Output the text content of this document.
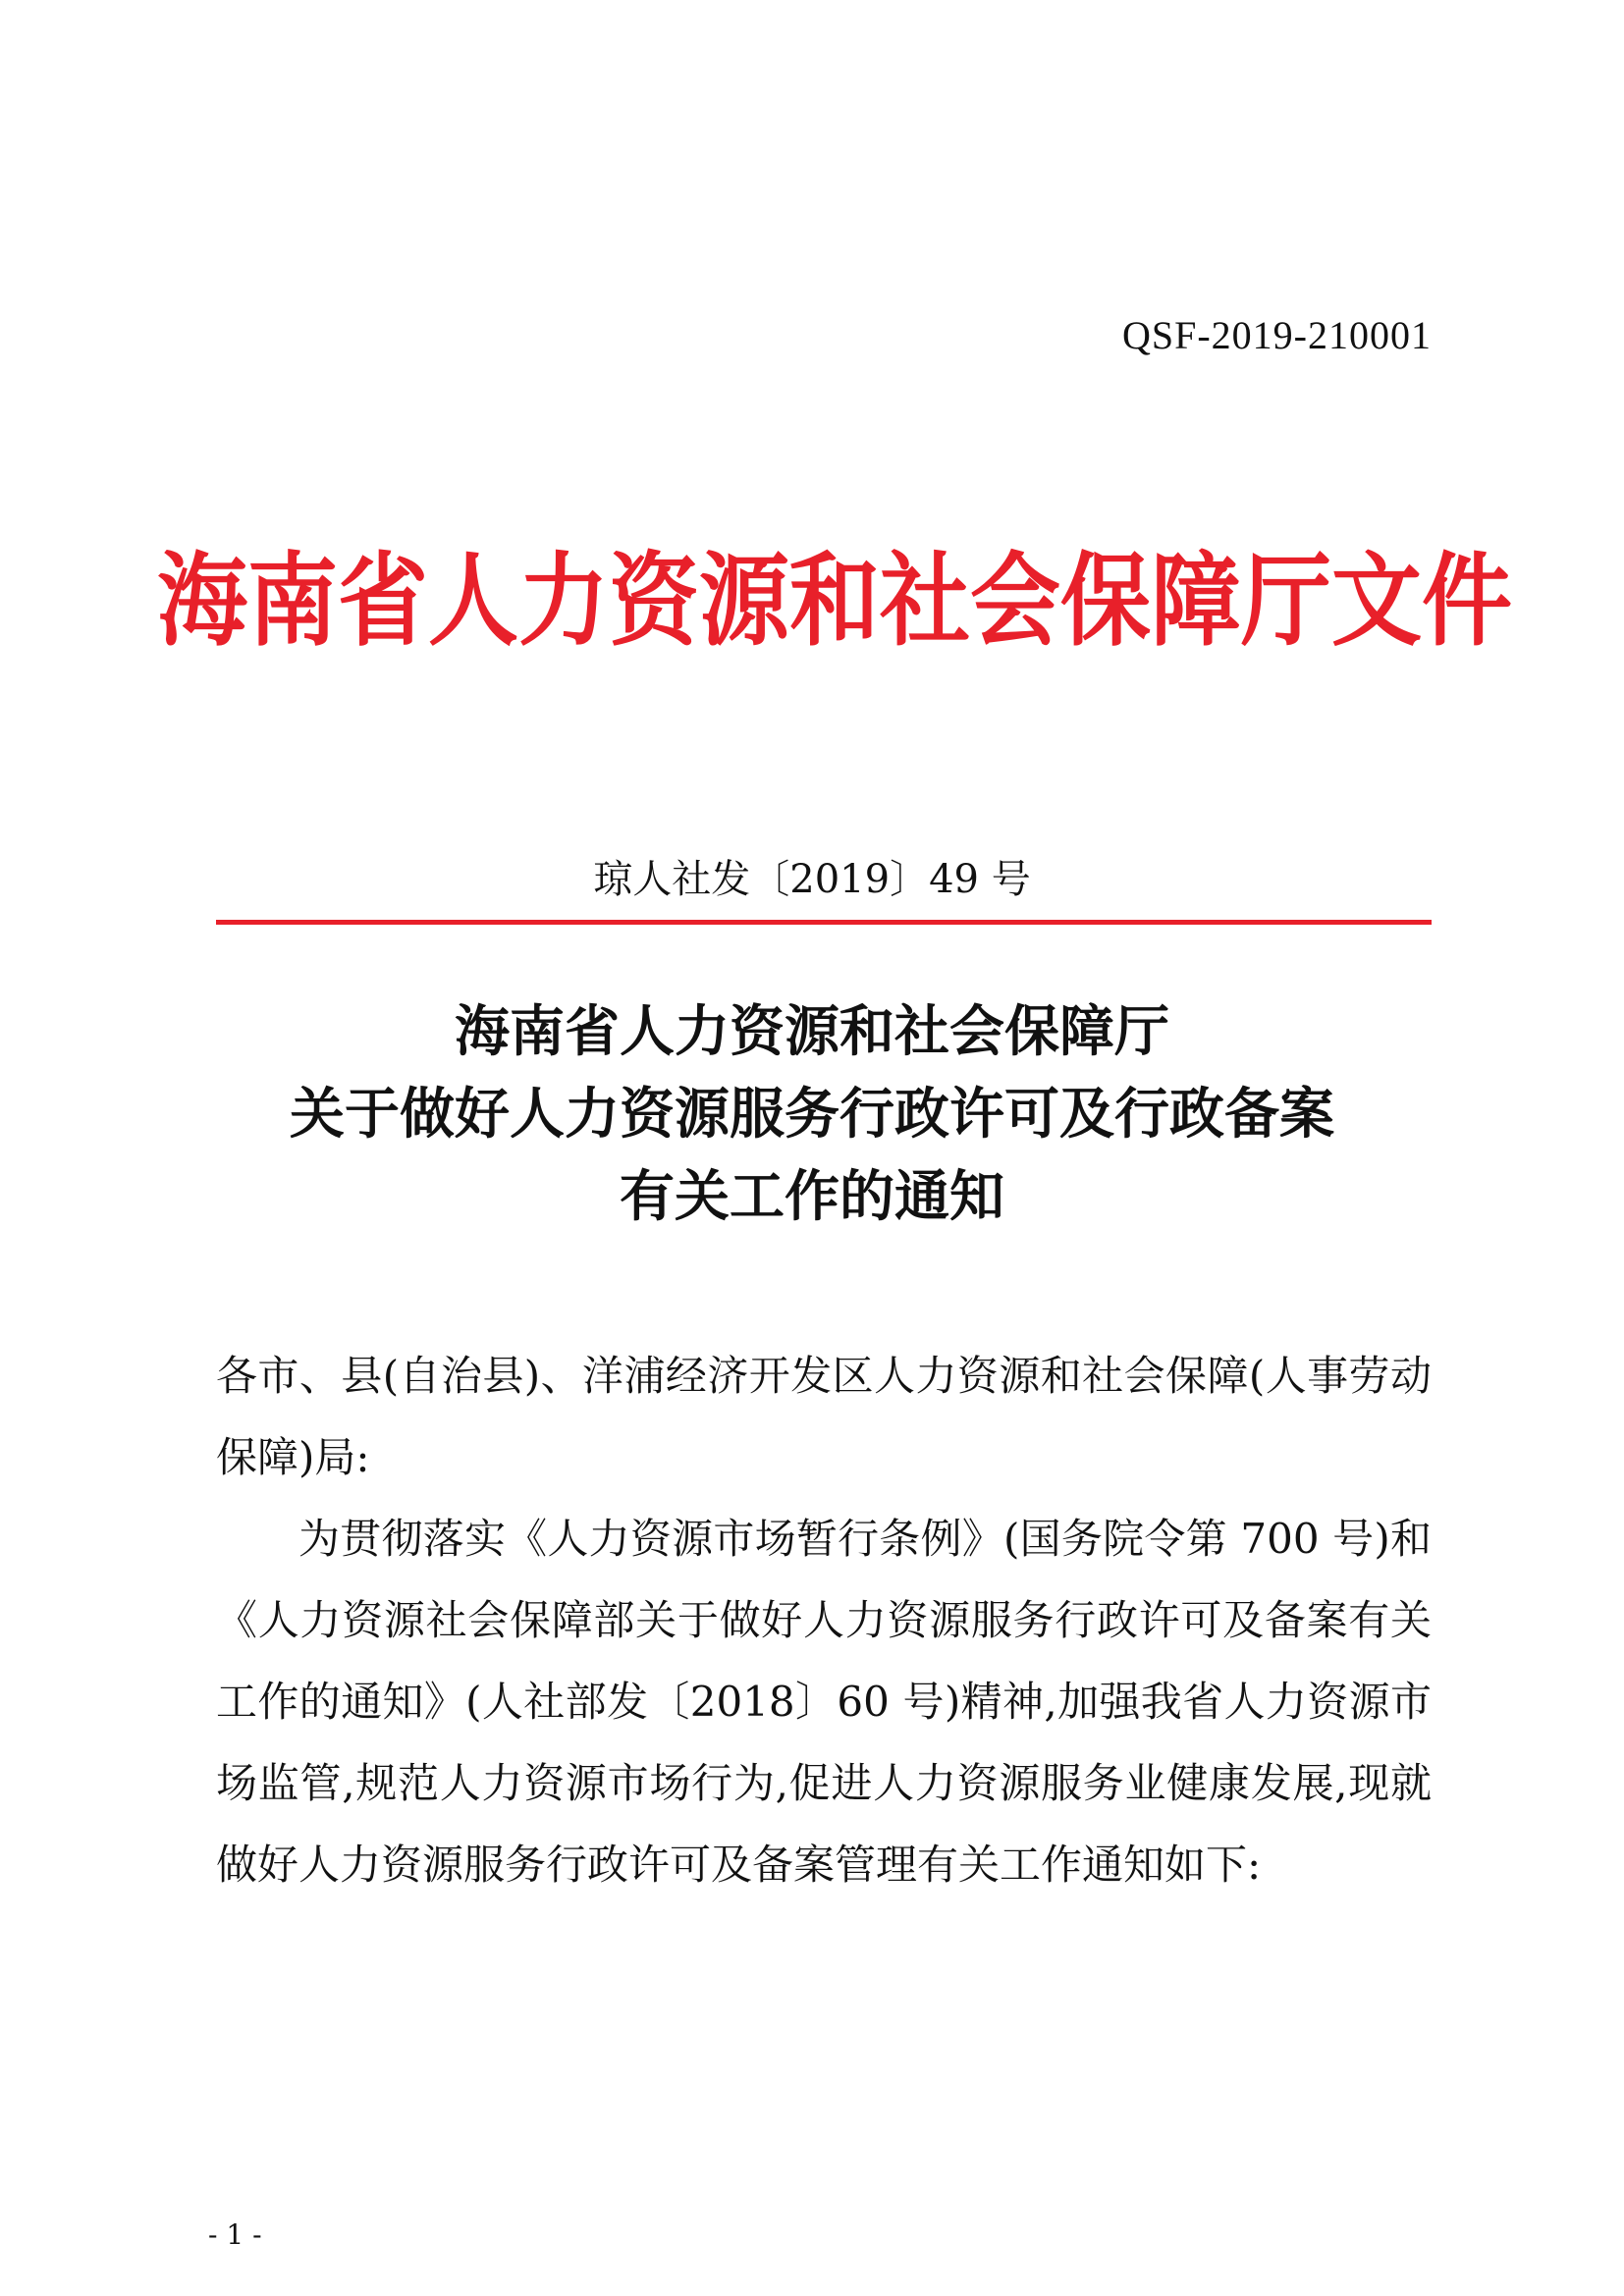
QSF-2019-210001
海南省人力资源和社会保障厅文件
琼人社发〔2019〕49 号
海南省人力资源和社会保障厅
关于做好人力资源服务行政许可及行政备案
有关工作的通知

各市、县(自治县)、洋浦经济开发区人力资源和社会保障(人事劳动保障)局:

为贯彻落实《人力资源市场暂行条例》(国务院令第 700 号)和《人力资源社会保障部关于做好人力资源服务行政许可及备案有关工作的通知》(人社部发〔2018〕60 号)精神,加强我省人力资源市场监管,规范人力资源市场行为,促进人力资源服务业健康发展,现就做好人力资源服务行政许可及备案管理有关工作通知如下:

- 1 -
